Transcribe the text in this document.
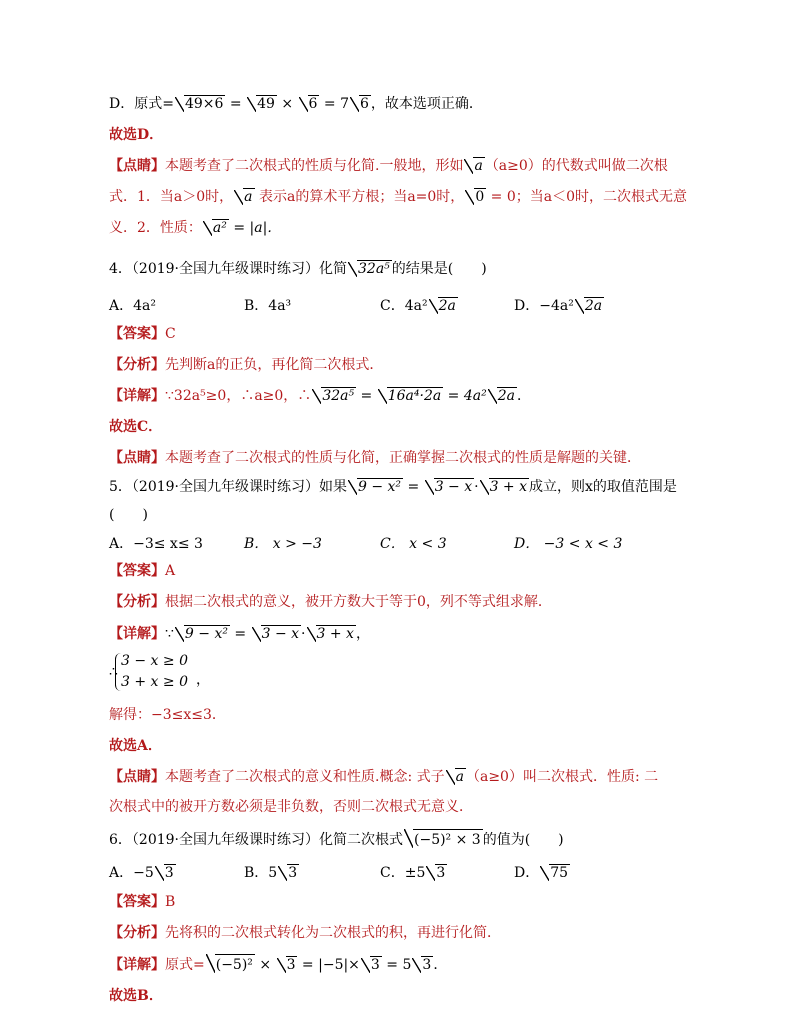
D．原式= 49×6 = 49 × 6 = 7 6 ，故本选项正确．
故选D．
【点睛】本题考查了二次根式的性质与化简.一般地，形如 a （a≥0）的代数式叫做二次根
式．1．当a＞0时， a 表示a的算术平方根；当a=0时， 0 = 0；当a＜0时，二次根式无意
义．2．性质： a² = |a|．
4．（2019·全国九年级课时练习）化简 32a⁵ 的结果是(　　)
A．4a²	B．4a³	C．4a² 2a	D．−4a² 2a
【答案】C
【分析】先判断a的正负，再化简二次根式．
【详解】∵32a⁵≥0，∴a≥0，∴ 32a⁵ = 16a⁴·2a = 4a² 2a ．
故选C．
【点睛】本题考查了二次根式的性质与化简，正确掌握二次根式的性质是解题的关键．
5．（2019·全国九年级课时练习）如果 9 − x² = 3 − x · 3 + x 成立，则x的取值范围是
(　　)
A．−3≤ x≤ 3	B． x > −3	C． x < 3	D． −3 < x < 3
【答案】A
【分析】根据二次根式的意义，被开方数大于等于0，列不等式组求解．
【详解】∵ 9 − x² = 3 − x · 3 + x ，
∴
3 − x ≥ 0
3 + x ≥ 0 ，
解得：−3≤x≤3．
故选A．
【点睛】本题考查了二次根式的意义和性质.概念: 式子 a （a≥0）叫二次根式．性质: 二
次根式中的被开方数必须是非负数，否则二次根式无意义．
6．（2019·全国九年级课时练习）化简二次根式 (−5)² × 3 的值为(　　)
A．−5 3	B．5 3	C．±5 3	D． 75
【答案】B
【分析】先将积的二次根式转化为二次根式的积，再进行化简．
【详解】原式= (−5)² × 3 = |−5|× 3 = 5 3 ．
故选B．
